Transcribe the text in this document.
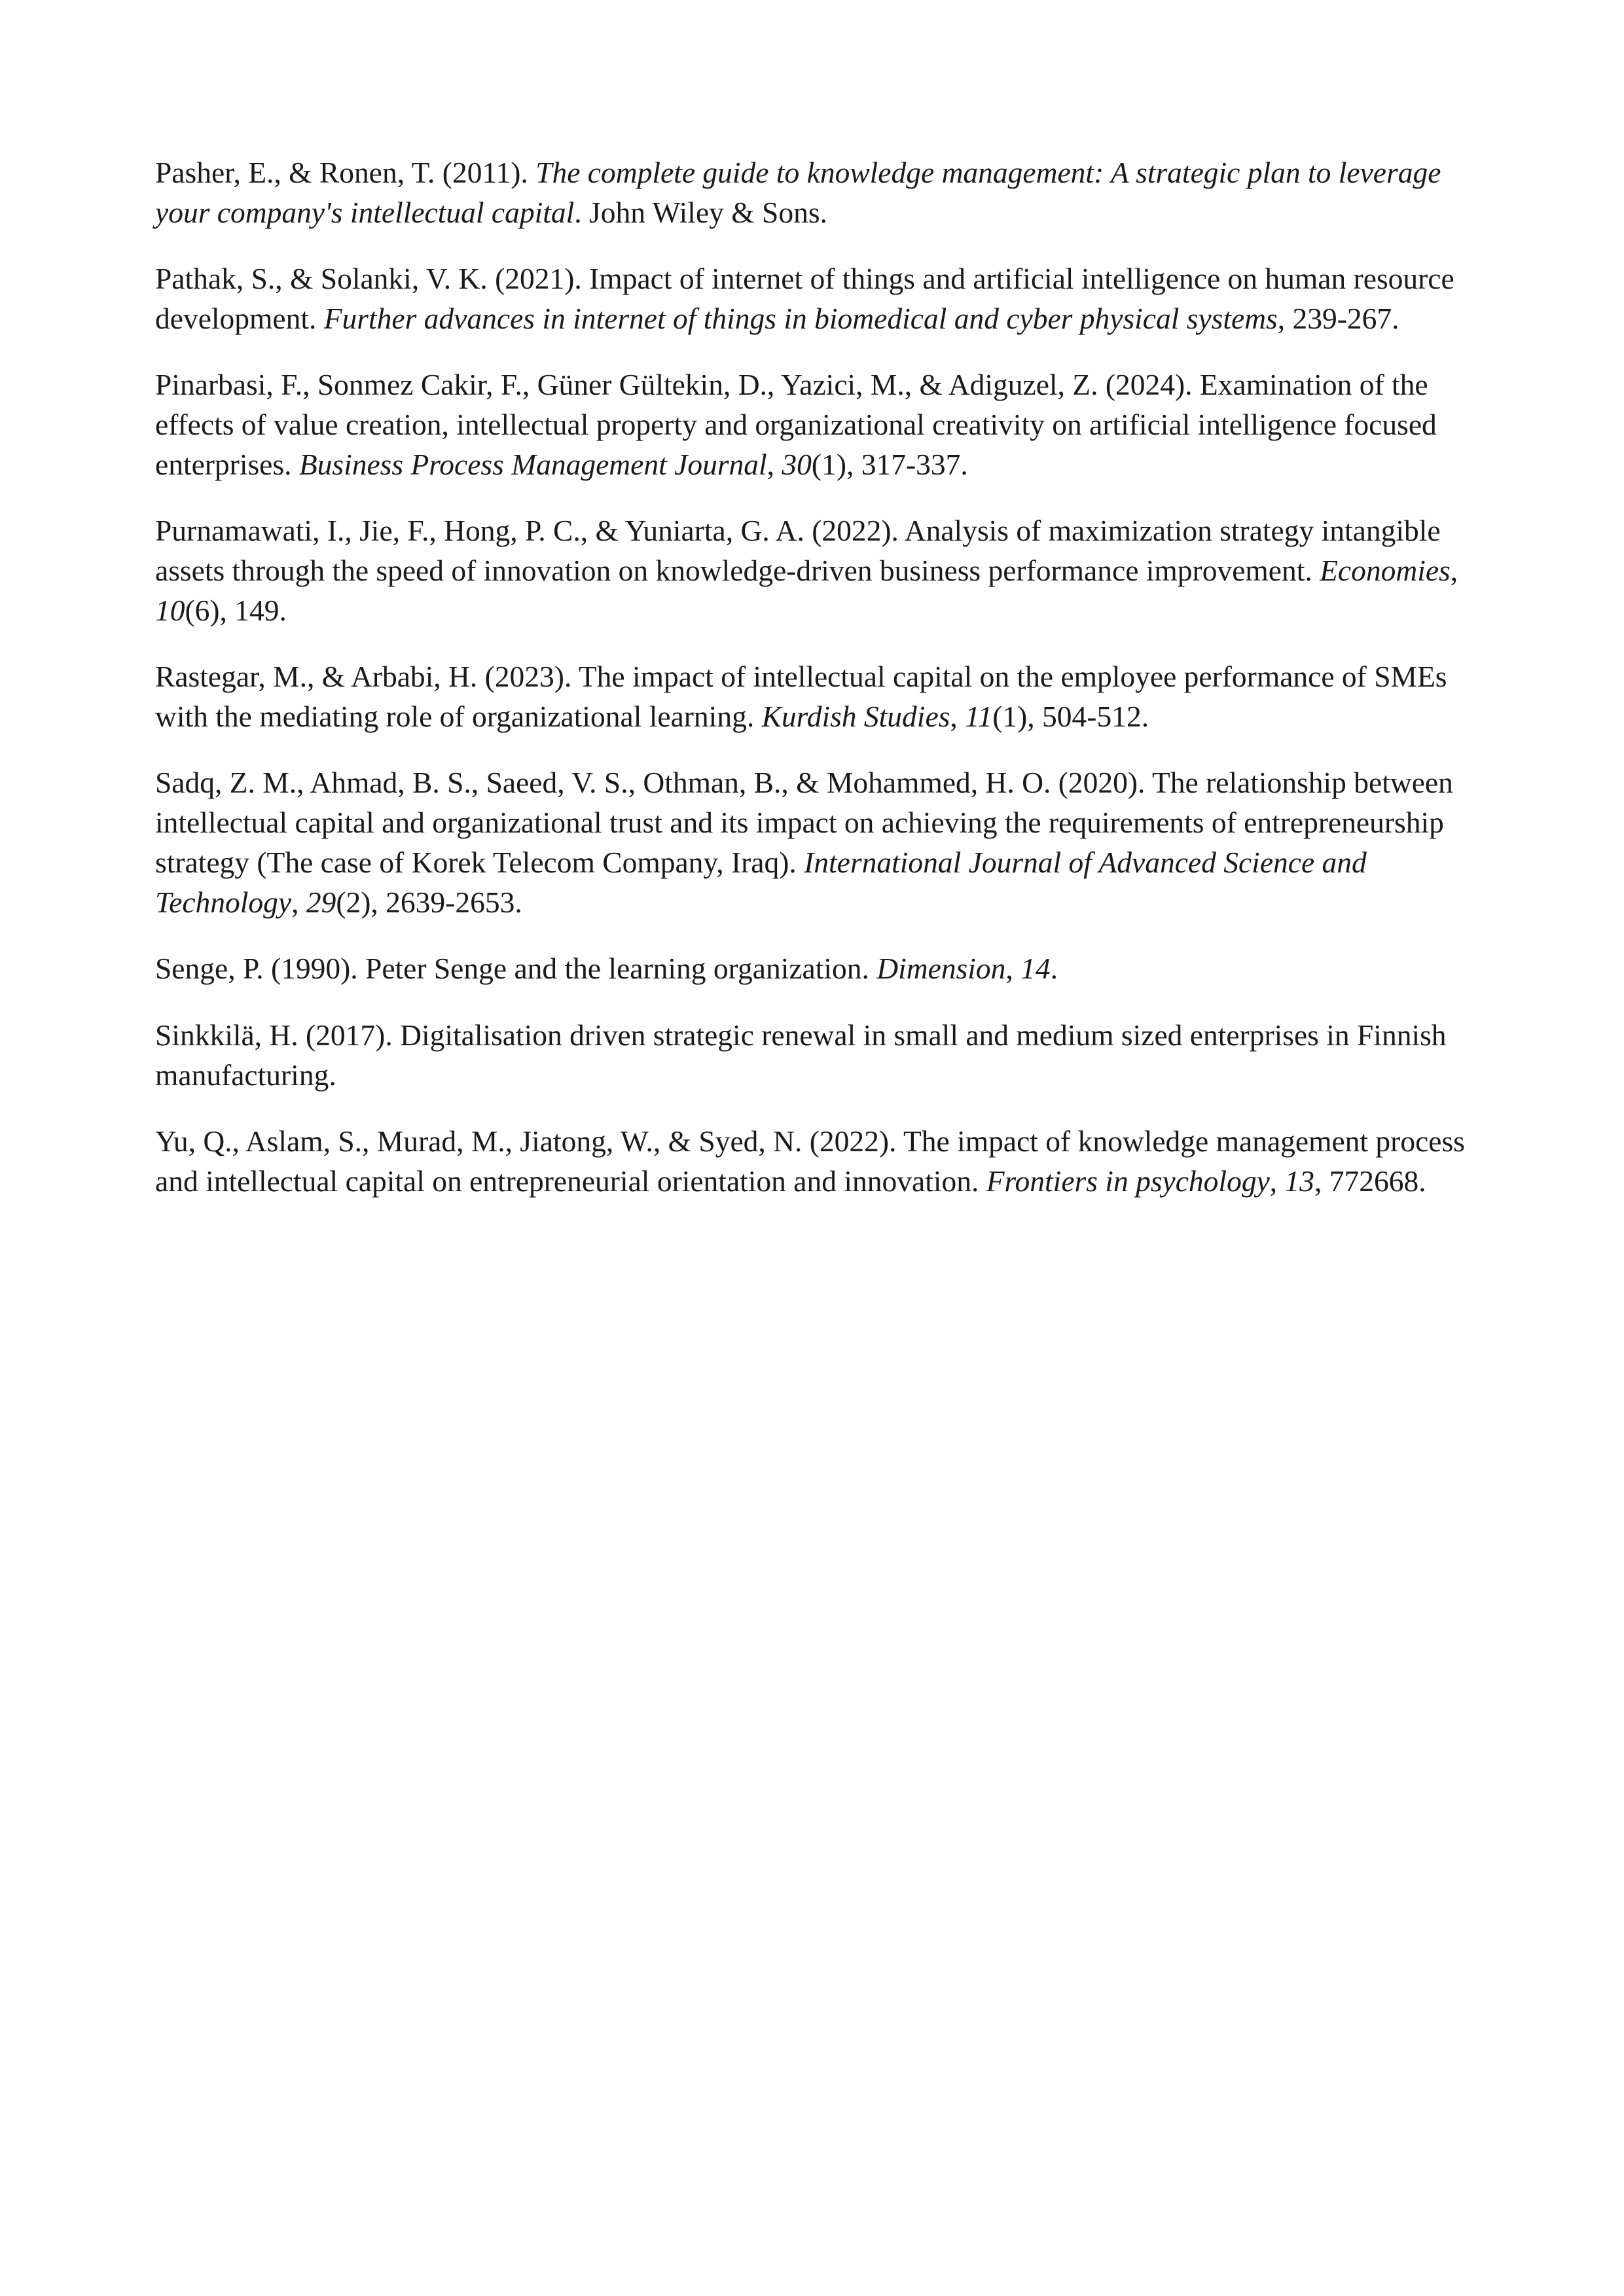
Pasher, E., & Ronen, T. (2011). The complete guide to knowledge management: A strategic plan to leverage your company's intellectual capital. John Wiley & Sons.

Pathak, S., & Solanki, V. K. (2021). Impact of internet of things and artificial intelligence on human resource development. Further advances in internet of things in biomedical and cyber physical systems, 239-267.

Pinarbasi, F., Sonmez Cakir, F., Güner Gültekin, D., Yazici, M., & Adiguzel, Z. (2024). Examination of the effects of value creation, intellectual property and organizational creativity on artificial intelligence focused enterprises. Business Process Management Journal, 30(1), 317-337.

Purnamawati, I., Jie, F., Hong, P. C., & Yuniarta, G. A. (2022). Analysis of maximization strategy intangible assets through the speed of innovation on knowledge-driven business performance improvement. Economies, 10(6), 149.

Rastegar, M., & Arbabi, H. (2023). The impact of intellectual capital on the employee performance of SMEs with the mediating role of organizational learning. Kurdish Studies, 11(1), 504-512.

Sadq, Z. M., Ahmad, B. S., Saeed, V. S., Othman, B., & Mohammed, H. O. (2020). The relationship between intellectual capital and organizational trust and its impact on achieving the requirements of entrepreneurship strategy (The case of Korek Telecom Company, Iraq). International Journal of Advanced Science and Technology, 29(2), 2639-2653.

Senge, P. (1990). Peter Senge and the learning organization. Dimension, 14.

Sinkkilä, H. (2017). Digitalisation driven strategic renewal in small and medium sized enterprises in Finnish manufacturing.

Yu, Q., Aslam, S., Murad, M., Jiatong, W., & Syed, N. (2022). The impact of knowledge management process and intellectual capital on entrepreneurial orientation and innovation. Frontiers in psychology, 13, 772668.
